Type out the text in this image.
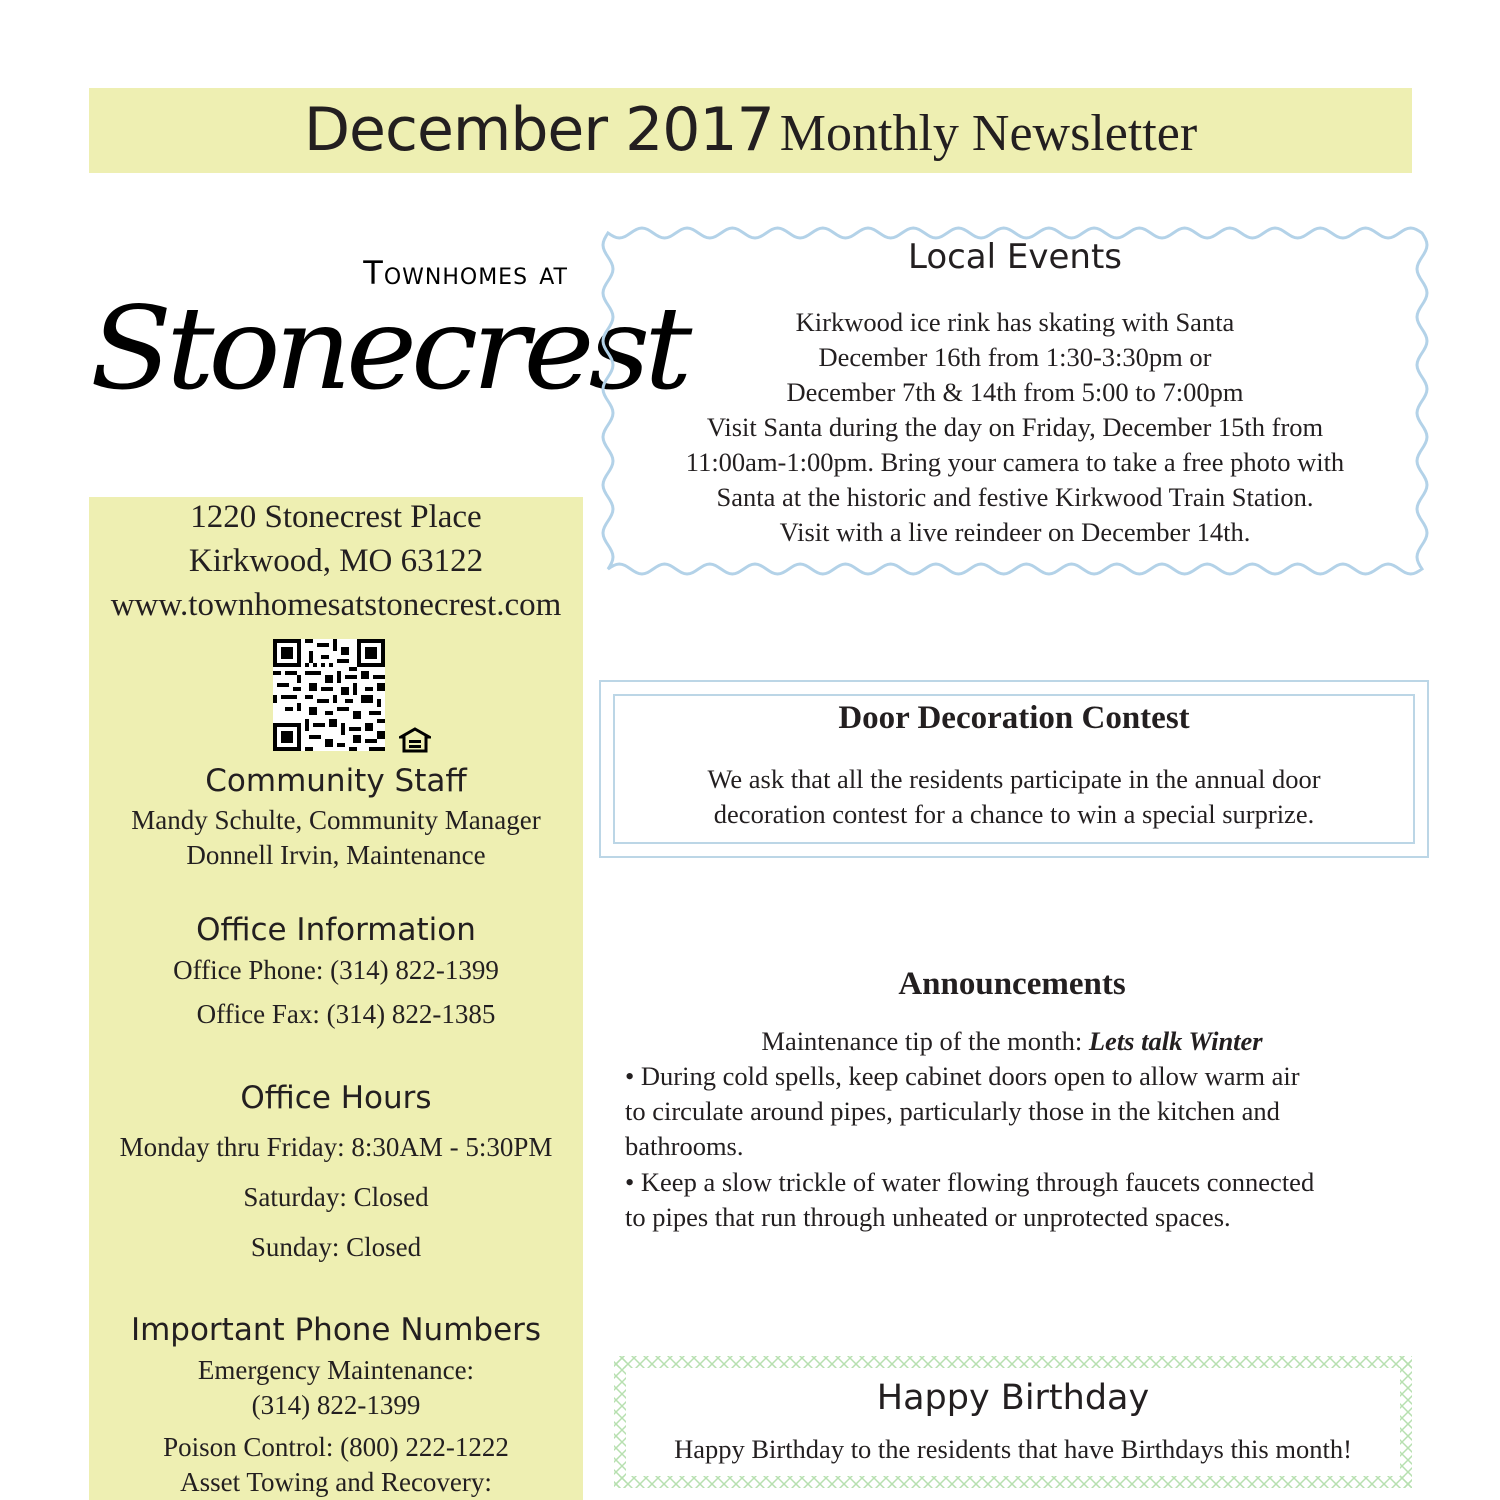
December 2017 Monthly Newsletter
Townhomes at
Stonecrest
1220 Stonecrest Place
Kirkwood, MO 63122
www.townhomesatstonecrest.com
Community Staff
Mandy Schulte, Community Manager
Donnell Irvin, Maintenance
Office Information
Office Phone: (314) 822-1399
Office Fax: (314) 822-1385
Office Hours
Monday thru Friday: 8:30AM - 5:30PM
Saturday: Closed
Sunday: Closed
Important Phone Numbers
Emergency Maintenance:
(314) 822-1399
Poison Control: (800) 222-1222
Asset Towing and Recovery:
Local Events
Kirkwood ice rink has skating with Santa
December 16th from 1:30-3:30pm or
December 7th & 14th from 5:00 to 7:00pm
Visit Santa during the day on Friday, December 15th from
11:00am-1:00pm. Bring your camera to take a free photo with
Santa at the historic and festive Kirkwood Train Station.
Visit with a live reindeer on December 14th.
Door Decoration Contest
We ask that all the residents participate in the annual door
decoration contest for a chance to win a special surprize.
Announcements
Maintenance tip of the month: Lets talk Winter
• During cold spells, keep cabinet doors open to allow warm air
to circulate around pipes, particularly those in the kitchen and
bathrooms.
• Keep a slow trickle of water flowing through faucets connected
to pipes that run through unheated or unprotected spaces.
Happy Birthday
Happy Birthday to the residents that have Birthdays this month!
